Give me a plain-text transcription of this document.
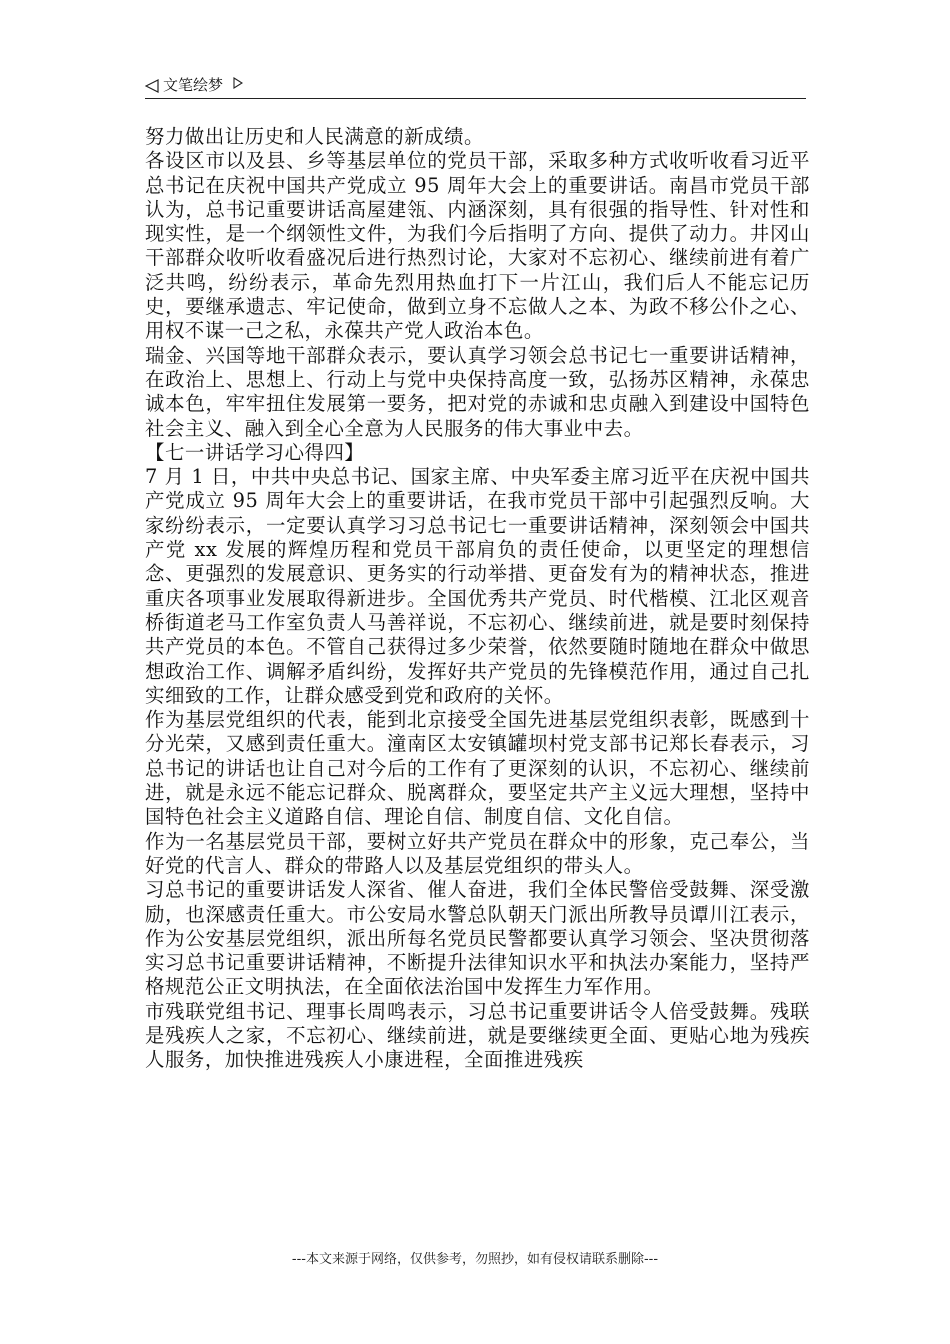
文笔绘梦

努力做出让历史和人民满意的新成绩。

各设区市以及县、乡等基层单位的党员干部，采取多种方式收听收看习近平总书记在庆祝中国共产党成立 95 周年大会上的重要讲话。南昌市党员干部认为，总书记重要讲话高屋建瓴、内涵深刻，具有很强的指导性、针对性和现实性，是一个纲领性文件，为我们今后指明了方向、提供了动力。井冈山干部群众收听收看盛况后进行热烈讨论，大家对不忘初心、继续前进有着广泛共鸣，纷纷表示，革命先烈用热血打下一片江山，我们后人不能忘记历史，要继承遗志、牢记使命，做到立身不忘做人之本、为政不移公仆之心、用权不谋一己之私，永葆共产党人政治本色。

瑞金、兴国等地干部群众表示，要认真学习领会总书记七一重要讲话精神，在政治上、思想上、行动上与党中央保持高度一致，弘扬苏区精神，永葆忠诚本色，牢牢扭住发展第一要务，把对党的赤诚和忠贞融入到建设中国特色社会主义、融入到全心全意为人民服务的伟大事业中去。

【七一讲话学习心得四】

7 月 1 日，中共中央总书记、国家主席、中央军委主席习近平在庆祝中国共产党成立 95 周年大会上的重要讲话，在我市党员干部中引起强烈反响。大家纷纷表示，一定要认真学习习总书记七一重要讲话精神，深刻领会中国共产党 xx 发展的辉煌历程和党员干部肩负的责任使命，以更坚定的理想信念、更强烈的发展意识、更务实的行动举措、更奋发有为的精神状态，推进重庆各项事业发展取得新进步。全国优秀共产党员、时代楷模、江北区观音桥街道老马工作室负责人马善祥说，不忘初心、继续前进，就是要时刻保持共产党员的本色。不管自己获得过多少荣誉，依然要随时随地在群众中做思想政治工作、调解矛盾纠纷，发挥好共产党员的先锋模范作用，通过自己扎实细致的工作，让群众感受到党和政府的关怀。

作为基层党组织的代表，能到北京接受全国先进基层党组织表彰，既感到十分光荣，又感到责任重大。潼南区太安镇罐坝村党支部书记郑长春表示，习总书记的讲话也让自己对今后的工作有了更深刻的认识，不忘初心、继续前进，就是永远不能忘记群众、脱离群众，要坚定共产主义远大理想，坚持中国特色社会主义道路自信、理论自信、制度自信、文化自信。

作为一名基层党员干部，要树立好共产党员在群众中的形象，克己奉公，当好党的代言人、群众的带路人以及基层党组织的带头人。

习总书记的重要讲话发人深省、催人奋进，我们全体民警倍受鼓舞、深受激励，也深感责任重大。市公安局水警总队朝天门派出所教导员谭川江表示，作为公安基层党组织，派出所每名党员民警都要认真学习领会、坚决贯彻落实习总书记重要讲话精神，不断提升法律知识水平和执法办案能力，坚持严格规范公正文明执法，在全面依法治国中发挥生力军作用。

市残联党组书记、理事长周鸣表示，习总书记重要讲话令人倍受鼓舞。残联是残疾人之家，不忘初心、继续前进，就是要继续更全面、更贴心地为残疾人服务，加快推进残疾人小康进程，全面推进残疾

---本文来源于网络，仅供参考，勿照抄，如有侵权请联系删除---
